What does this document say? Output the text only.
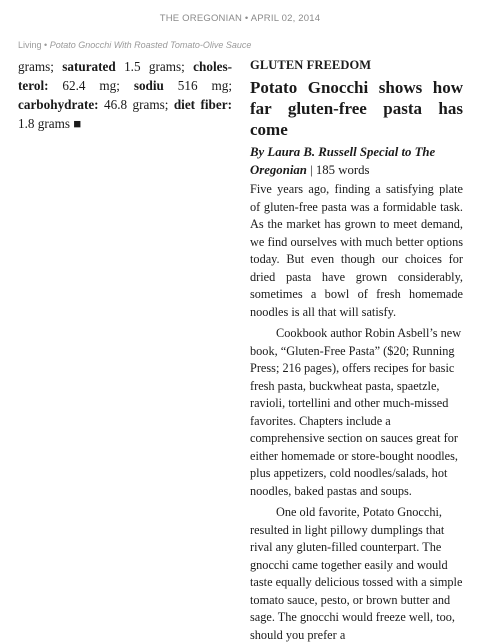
THE OREGONIAN • APRIL 02, 2014
Living • Potato Gnocchi With Roasted Tomato-Olive Sauce
grams; saturated 1.5 grams; choles-terol: 62.4 mg; sodiu 516 mg; carbohydrate: 46.8 grams; diet fiber: 1.8 grams ■
GLUTEN FREEDOM
Potato Gnocchi shows how far gluten-free pasta has come
By Laura B. Russell Special to The Oregonian | 185 words

Five years ago, finding a satisfying plate of gluten-free pasta was a formidable task. As the market has grown to meet demand, we find ourselves with much better options today. But even though our choices for dried pasta have grown considerably, sometimes a bowl of fresh homemade noodles is all that will satisfy.

Cookbook author Robin Asbell’s new book, “Gluten-Free Pasta” ($20; Running Press; 216 pages), offers recipes for basic fresh pasta, buckwheat pasta, spaetzle, ravioli, tortellini and other much-missed favorites. Chapters include a comprehensive section on sauces great for either homemade or store-bought noodles, plus appetizers, cold noodles/salads, hot noodles, baked pastas and soups.

One old favorite, Potato Gnocchi, resulted in light pillowy dumplings that rival any gluten-filled counterpart. The gnocchi came together easily and would taste equally delicious tossed with a simple tomato sauce, pesto, or brown butter and sage. The gnocchi would freeze well, too, should you prefer a
